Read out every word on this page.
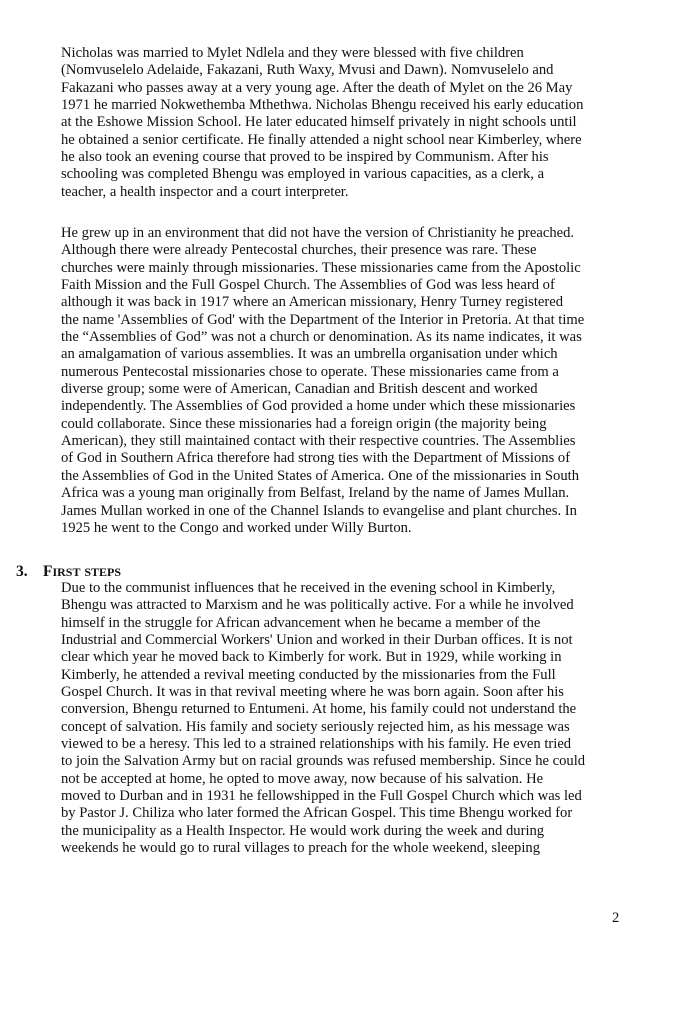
Nicholas was married to Mylet Ndlela and they were blessed with five children
(Nomvuselelo Adelaide, Fakazani, Ruth Waxy, Mvusi and Dawn). Nomvuselelo and
Fakazani who passes away at a very young age. After the death of Mylet on the 26 May
1971 he married Nokwethemba Mthethwa. Nicholas Bhengu received his early education
at the Eshowe Mission School. He later educated himself privately in night schools until
he obtained a senior certificate. He finally attended a night school near Kimberley, where
he also took an evening course that proved to be inspired by Communism. After his
schooling was completed Bhengu was employed in various capacities, as a clerk, a
teacher, a health inspector and a court interpreter.

He grew up in an environment that did not have the version of Christianity he preached.
Although there were already Pentecostal churches, their presence was rare. These
churches were mainly through missionaries. These missionaries came from the Apostolic
Faith Mission and the Full Gospel Church. The Assemblies of God was less heard of
although it was back in 1917 where an American missionary, Henry Turney registered
the name 'Assemblies of God' with the Department of the Interior in Pretoria. At that time
the “Assemblies of God” was not a church or denomination. As its name indicates, it was
an amalgamation of various assemblies. It was an umbrella organisation under which
numerous Pentecostal missionaries chose to operate. These missionaries came from a
diverse group; some were of American, Canadian and British descent and worked
independently. The Assemblies of God provided a home under which these missionaries
could collaborate. Since these missionaries had a foreign origin (the majority being
American), they still maintained contact with their respective countries. The Assemblies
of God in Southern Africa therefore had strong ties with the Department of Missions of
the Assemblies of God in the United States of America. One of the missionaries in South
Africa was a young man originally from Belfast, Ireland by the name of James Mullan.
James Mullan worked in one of the Channel Islands to evangelise and plant churches. In
1925 he went to the Congo and worked under Willy Burton.

3. FIRST STEPS

Due to the communist influences that he received in the evening school in Kimberly,
Bhengu was attracted to Marxism and he was politically active. For a while he involved
himself in the struggle for African advancement when he became a member of the
Industrial and Commercial Workers' Union and worked in their Durban offices. It is not
clear which year he moved back to Kimberly for work. But in 1929, while working in
Kimberly, he attended a revival meeting conducted by the missionaries from the Full
Gospel Church. It was in that revival meeting where he was born again. Soon after his
conversion, Bhengu returned to Entumeni. At home, his family could not understand the
concept of salvation. His family and society seriously rejected him, as his message was
viewed to be a heresy. This led to a strained relationships with his family. He even tried
to join the Salvation Army but on racial grounds was refused membership. Since he could
not be accepted at home, he opted to move away, now because of his salvation. He
moved to Durban and in 1931 he fellowshipped in the Full Gospel Church which was led
by Pastor J. Chiliza who later formed the African Gospel. This time Bhengu worked for
the municipality as a Health Inspector. He would work during the week and during
weekends he would go to rural villages to preach for the whole weekend, sleeping

2
